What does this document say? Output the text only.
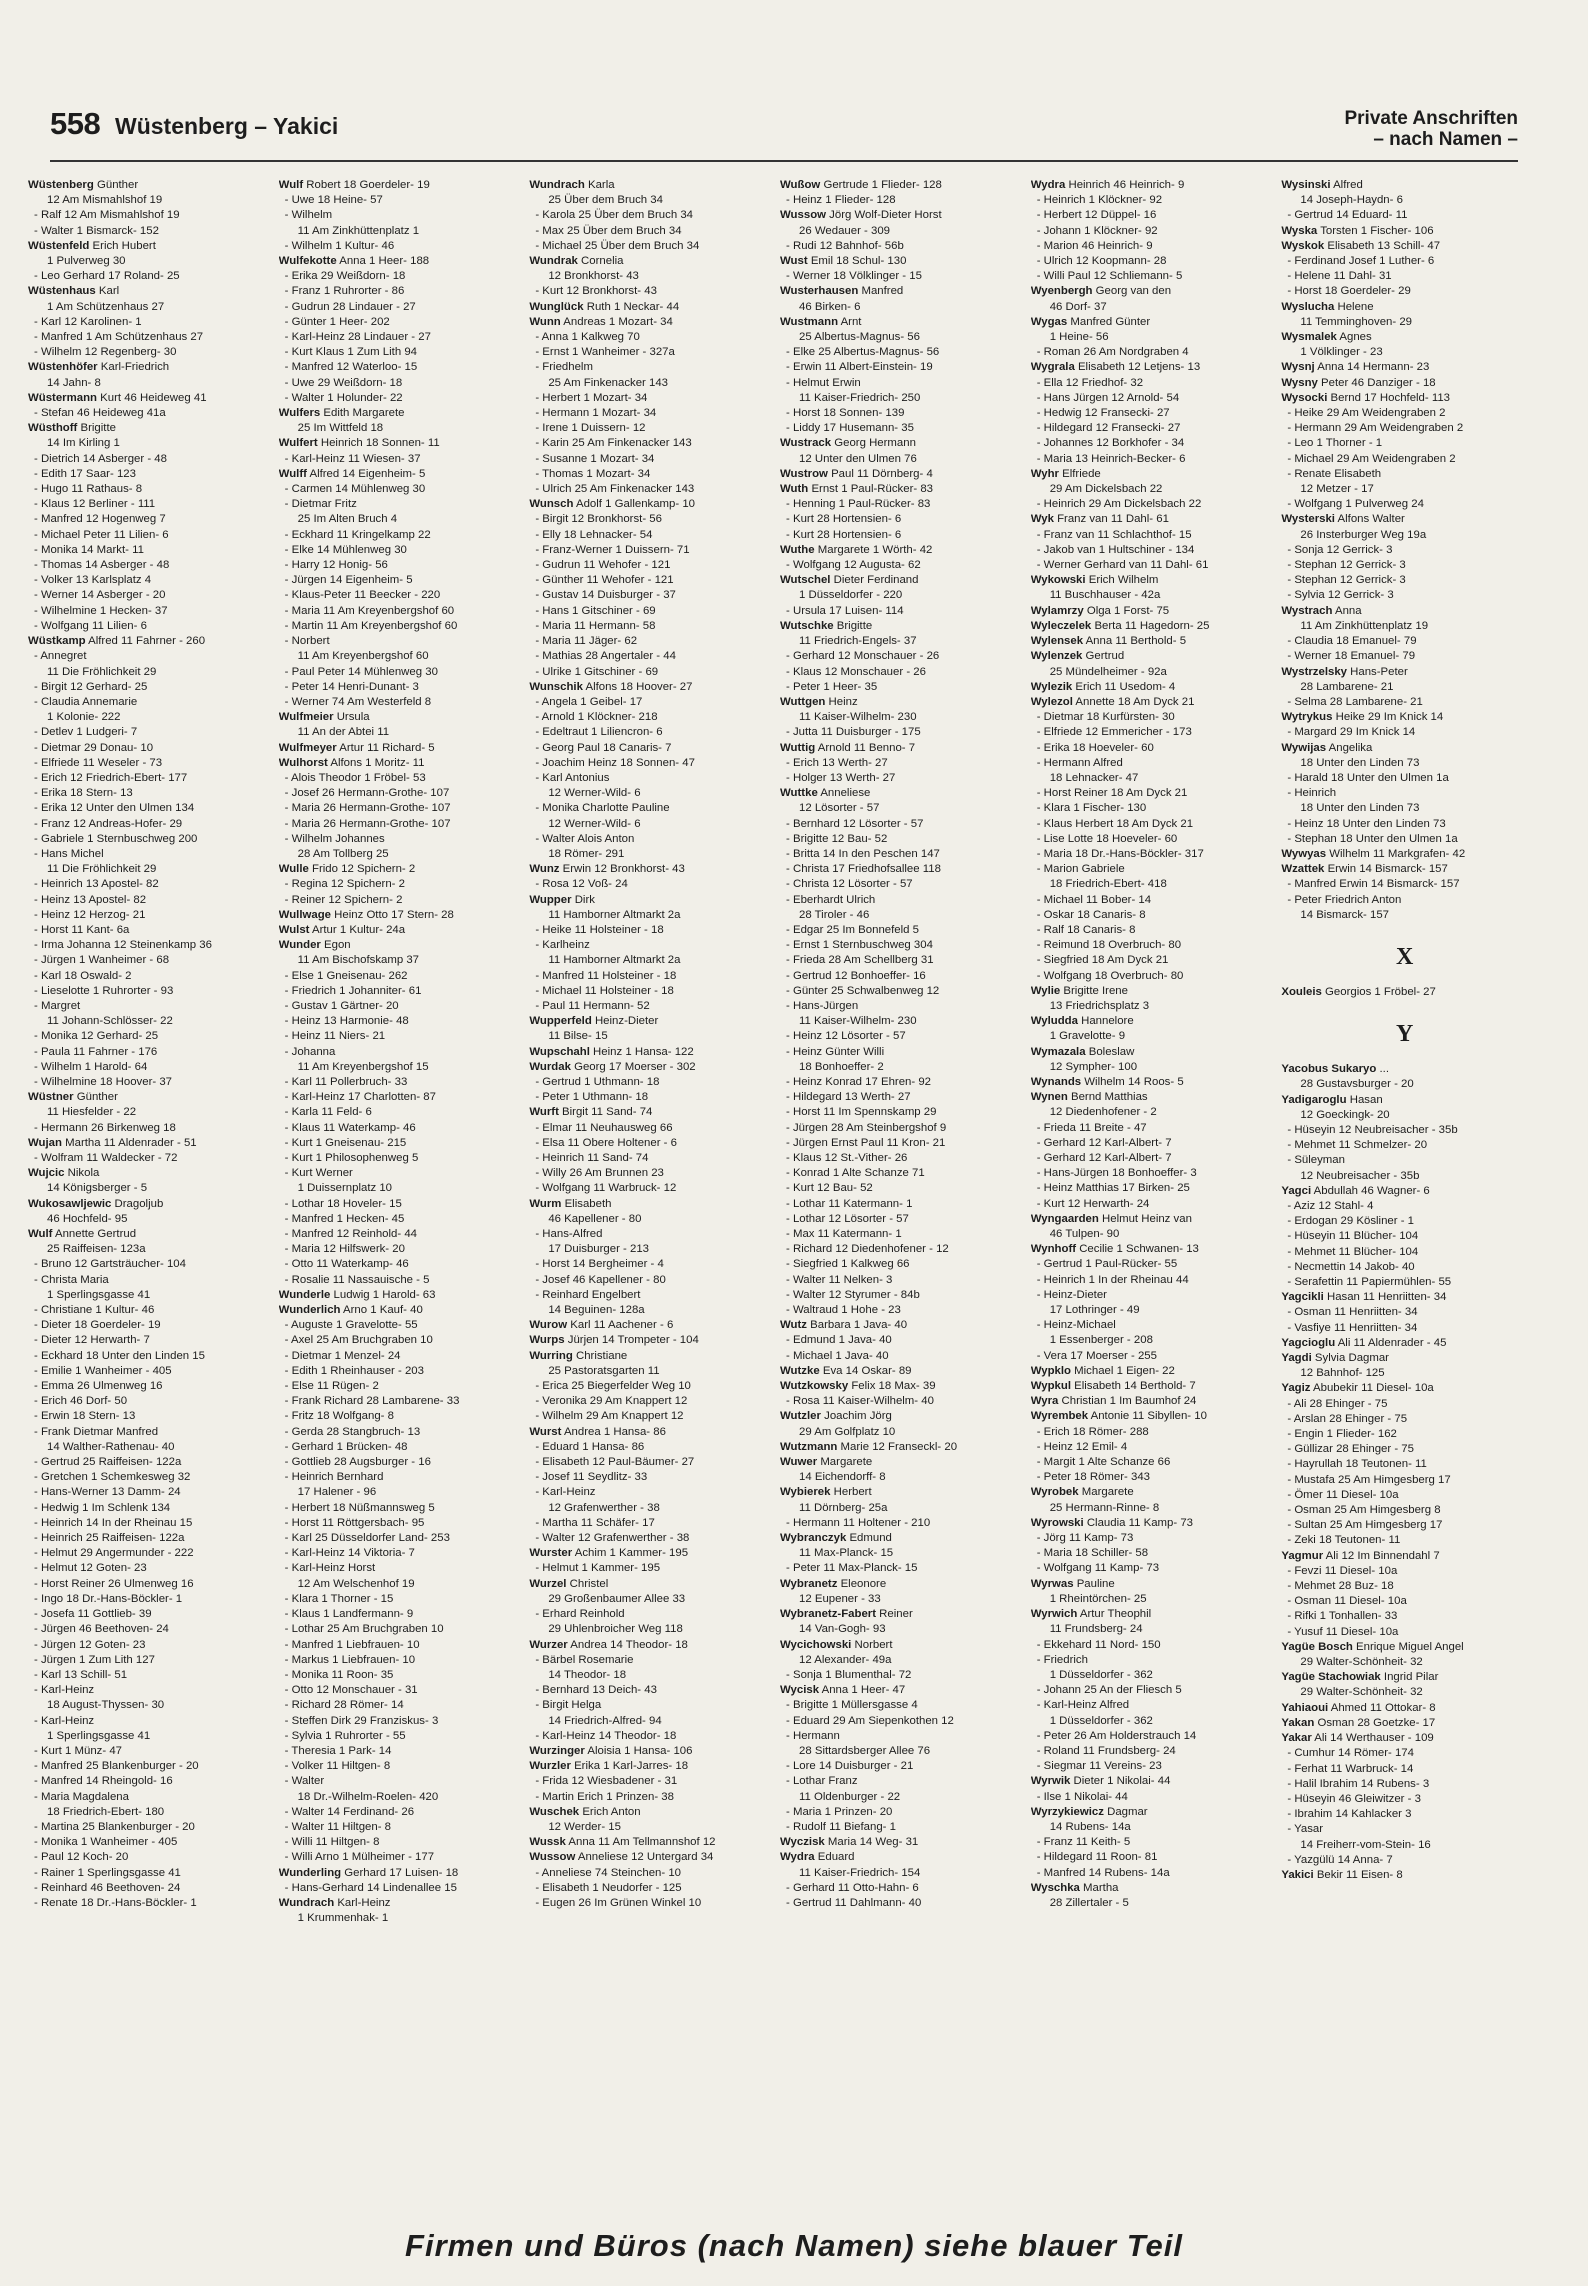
558 Wüstenberg – Yakici	Private Anschriften
– nach Namen –
Wüstenberg Günther
12 Am Mismahlshof 19
- Ralf 12 Am Mismahlshof 19
- Walter 1 Bismarck- 152
Wüstenfeld Erich Hubert
1 Pulverweg 30
- Leo Gerhard 17 Roland- 25
Wüstenhaus Karl
1 Am Schützenhaus 27
- Karl 12 Karolinen- 1
- Manfred 1 Am Schützenhaus 27
- Wilhelm 12 Regenberg- 30
Wüstenhöfer Karl-Friedrich
14 Jahn- 8
Wüstermann Kurt 46 Heideweg 41
- Stefan 46 Heideweg 41a
Wüsthoff Brigitte
14 Im Kirling 1
- Dietrich 14 Asberger - 48
- Edith 17 Saar- 123
- Hugo 11 Rathaus- 8
- Klaus 12 Berliner - 111
- Manfred 12 Hogenweg 7
- Michael Peter 11 Lilien- 6
- Monika 14 Markt- 11
- Thomas 14 Asberger - 48
- Volker 13 Karlsplatz 4
- Werner 14 Asberger - 20
- Wilhelmine 1 Hecken- 37
- Wolfgang 11 Lilien- 6
Wüstkamp Alfred 11 Fahrner - 260
- Annegret
11 Die Fröhlichkeit 29
- Birgit 12 Gerhard- 25
- Claudia Annemarie
1 Kolonie- 222
- Detlev 1 Ludgeri- 7
- Dietmar 29 Donau- 10
- Elfriede 11 Weseler - 73
- Erich 12 Friedrich-Ebert- 177
- Erika 18 Stern- 13
- Erika 12 Unter den Ulmen 134
- Franz 12 Andreas-Hofer- 29
- Gabriele 1 Sternbuschweg 200
- Hans Michel
11 Die Fröhlichkeit 29
- Heinrich 13 Apostel- 82
- Heinz 13 Apostel- 82
- Heinz 12 Herzog- 21
- Horst 11 Kant- 6a
- Irma Johanna 12 Steinenkamp 36
- Jürgen 1 Wanheimer - 68
- Karl 18 Oswald- 2
- Lieselotte 1 Ruhrorter - 93
- Margret
11 Johann-Schlösser- 22
- Monika 12 Gerhard- 25
- Paula 11 Fahrner - 176
- Wilhelm 1 Harold- 64
- Wilhelmine 18 Hoover- 37
Wüstner Günther
11 Hiesfelder - 22
- Hermann 26 Birkenweg 18
Wujan Martha 11 Aldenrader - 51
- Wolfram 11 Waldecker - 72
Wujcic Nikola
14 Königsberger - 5
Wukosawljewic Dragoljub
46 Hochfeld- 95
Wulf Annette Gertrud
25 Raiffeisen- 123a
- Bruno 12 Gartsträucher- 104
- Christa Maria
1 Sperlingsgasse 41
- Christiane 1 Kultur- 46
- Dieter 18 Goerdeler- 19
- Dieter 12 Herwarth- 7
- Eckhard 18 Unter den Linden 15
- Emilie 1 Wanheimer - 405
- Emma 26 Ulmenweg 16
- Erich 46 Dorf- 50
- Erwin 18 Stern- 13
- Frank Dietmar Manfred
14 Walther-Rathenau- 40
- Gertrud 25 Raiffeisen- 122a
- Gretchen 1 Schemkesweg 32
- Hans-Werner 13 Damm- 24
- Hedwig 1 Im Schlenk 134
- Heinrich 14 In der Rheinau 15
- Heinrich 25 Raiffeisen- 122a
- Helmut 29 Angermunder - 222
- Helmut 12 Goten- 23
- Horst Reiner 26 Ulmenweg 16
- Ingo 18 Dr.-Hans-Böckler- 1
- Josefa 11 Gottlieb- 39
- Jürgen 46 Beethoven- 24
- Jürgen 12 Goten- 23
- Jürgen 1 Zum Lith 127
- Karl 13 Schill- 51
- Karl-Heinz
18 August-Thyssen- 30
- Karl-Heinz
1 Sperlingsgasse 41
- Kurt 1 Münz- 47
- Manfred 25 Blankenburger - 20
- Manfred 14 Rheingold- 16
- Maria Magdalena
18 Friedrich-Ebert- 180
- Martina 25 Blankenburger - 20
- Monika 1 Wanheimer - 405
- Paul 12 Koch- 20
- Rainer 1 Sperlingsgasse 41
- Reinhard 46 Beethoven- 24
- Renate 18 Dr.-Hans-Böckler- 1
Wulf Robert 18 Goerdeler- 19
- Uwe 18 Heine- 57
- Wilhelm
11 Am Zinkhüttenplatz 1
- Wilhelm 1 Kultur- 46
Wulfekotte Anna 1 Heer- 188
- Erika 29 Weißdorn- 18
- Franz 1 Ruhrorter - 86
- Gudrun 28 Lindauer - 27
- Günter 1 Heer- 202
- Karl-Heinz 28 Lindauer - 27
- Kurt Klaus 1 Zum Lith 94
- Manfred 12 Waterloo- 15
- Uwe 29 Weißdorn- 18
- Walter 1 Holunder- 22
Wulfers Edith Margarete
25 Im Wittfeld 18
Wulfert Heinrich 18 Sonnen- 11
- Karl-Heinz 11 Wiesen- 37
Wulff Alfred 14 Eigenheim- 5
- Carmen 14 Mühlenweg 30
- Dietmar Fritz
25 Im Alten Bruch 4
- Eckhard 11 Kringelkamp 22
- Elke 14 Mühlenweg 30
- Harry 12 Honig- 56
- Jürgen 14 Eigenheim- 5
- Klaus-Peter 11 Beecker - 220
- Maria 11 Am Kreyenbergshof 60
- Martin 11 Am Kreyenbergshof 60
- Norbert
11 Am Kreyenbergshof 60
- Paul Peter 14 Mühlenweg 30
- Peter 14 Henri-Dunant- 3
- Werner 74 Am Westerfeld 8
Wulfmeier Ursula
11 An der Abtei 11
Wulfmeyer Artur 11 Richard- 5
Wulhorst Alfons 1 Moritz- 11
- Alois Theodor 1 Fröbel- 53
- Josef 26 Hermann-Grothe- 107
- Maria 26 Hermann-Grothe- 107
- Maria 26 Hermann-Grothe- 107
- Wilhelm Johannes
28 Am Tollberg 25
Wulle Frido 12 Spichern- 2
- Regina 12 Spichern- 2
- Reiner 12 Spichern- 2
Wullwage Heinz Otto 17 Stern- 28
Wulst Artur 1 Kultur- 24a
Wunder Egon
11 Am Bischofskamp 37
- Else 1 Gneisenau- 262
- Friedrich 1 Johanniter- 61
- Gustav 1 Gärtner- 20
- Heinz 13 Harmonie- 48
- Heinz 11 Niers- 21
- Johanna
11 Am Kreyenbergshof 15
- Karl 11 Pollerbruch- 33
- Karl-Heinz 17 Charlotten- 87
- Karla 11 Feld- 6
- Klaus 11 Waterkamp- 46
- Kurt 1 Gneisenau- 215
- Kurt 1 Philosophenweg 5
- Kurt Werner
1 Duissernplatz 10
- Lothar 18 Hoveler- 15
- Manfred 1 Hecken- 45
- Manfred 12 Reinhold- 44
- Maria 12 Hilfswerk- 20
- Otto 11 Waterkamp- 46
- Rosalie 11 Nassauische - 5
Wunderle Ludwig 1 Harold- 63
Wunderlich Arno 1 Kauf- 40
- Auguste 1 Gravelotte- 55
- Axel 25 Am Bruchgraben 10
- Dietmar 1 Menzel- 24
- Edith 1 Rheinhauser - 203
- Else 11 Rügen- 2
- Frank Richard 28 Lambarene- 33
- Fritz 18 Wolfgang- 8
- Gerda 28 Stangbruch- 13
- Gerhard 1 Brücken- 48
- Gottlieb 28 Augsburger - 16
- Heinrich Bernhard
17 Halener - 96
- Herbert 18 Nüßmannsweg 5
- Horst 11 Röttgersbach- 95
- Karl 25 Düsseldorfer Land- 253
- Karl-Heinz 14 Viktoria- 7
- Karl-Heinz Horst
12 Am Welschenhof 19
- Klara 1 Thorner - 15
- Klaus 1 Landfermann- 9
- Lothar 25 Am Bruchgraben 10
- Manfred 1 Liebfrauen- 10
- Markus 1 Liebfrauen- 10
- Monika 11 Roon- 35
- Otto 12 Monschauer - 31
- Richard 28 Römer- 14
- Steffen Dirk 29 Franziskus- 3
- Sylvia 1 Ruhrorter - 55
- Theresia 1 Park- 14
- Volker 11 Hiltgen- 8
- Walter
18 Dr.-Wilhelm-Roelen- 420
- Walter 14 Ferdinand- 26
- Walter 11 Hiltgen- 8
- Willi 11 Hiltgen- 8
- Willi Arno 1 Mülheimer - 177
Wunderling Gerhard 17 Luisen- 18
- Hans-Gerhard 14 Lindenallee 15
Wundrach Karl-Heinz
1 Krummenhak- 1
Wundrach Karla
25 Über dem Bruch 34
- Karola 25 Über dem Bruch 34
- Max 25 Über dem Bruch 34
- Michael 25 Über dem Bruch 34
Wundrak Cornelia
12 Bronkhorst- 43
- Kurt 12 Bronkhorst- 43
Wunglück Ruth 1 Neckar- 44
Wunn Andreas 1 Mozart- 34
- Anna 1 Kalkweg 70
- Ernst 1 Wanheimer - 327a
- Friedhelm
25 Am Finkenacker 143
- Herbert 1 Mozart- 34
- Hermann 1 Mozart- 34
- Irene 1 Duissern- 12
- Karin 25 Am Finkenacker 143
- Susanne 1 Mozart- 34
- Thomas 1 Mozart- 34
- Ulrich 25 Am Finkenacker 143
Wunsch Adolf 1 Gallenkamp- 10
- Birgit 12 Bronkhorst- 56
- Elly 18 Lehnacker- 54
- Franz-Werner 1 Duissern- 71
- Gudrun 11 Wehofer - 121
- Günther 11 Wehofer - 121
- Gustav 14 Duisburger - 37
- Hans 1 Gitschiner - 69
- Maria 11 Hermann- 58
- Maria 11 Jäger- 62
- Mathias 28 Angertaler - 44
- Ulrike 1 Gitschiner - 69
Wunschik Alfons 18 Hoover- 27
- Angela 1 Geibel- 17
- Arnold 1 Klöckner- 218
- Edeltraut 1 Liliencron- 6
- Georg Paul 18 Canaris- 7
- Joachim Heinz 18 Sonnen- 47
- Karl Antonius
12 Werner-Wild- 6
- Monika Charlotte Pauline
12 Werner-Wild- 6
- Walter Alois Anton
18 Römer- 291
Wunz Erwin 12 Bronkhorst- 43
- Rosa 12 Voß- 24
Wupper Dirk
11 Hamborner Altmarkt 2a
- Heike 11 Holsteiner - 18
- Karlheinz
11 Hamborner Altmarkt 2a
- Manfred 11 Holsteiner - 18
- Michael 11 Holsteiner - 18
- Paul 11 Hermann- 52
Wupperfeld Heinz-Dieter
11 Bilse- 15
Wupschahl Heinz 1 Hansa- 122
Wurdak Georg 17 Moerser - 302
- Gertrud 1 Uthmann- 18
- Peter 1 Uthmann- 18
Wurft Birgit 11 Sand- 74
- Elmar 11 Neuhausweg 66
- Elsa 11 Obere Holtener - 6
- Heinrich 11 Sand- 74
- Willy 26 Am Brunnen 23
- Wolfgang 11 Warbruck- 12
Wurm Elisabeth
46 Kapellener - 80
- Hans-Alfred
17 Duisburger - 213
- Horst 14 Bergheimer - 4
- Josef 46 Kapellener - 80
- Reinhard Engelbert
14 Beguinen- 128a
Wurow Karl 11 Aachener - 6
Wurps Jürjen 14 Trompeter - 104
Wurring Christiane
25 Pastoratsgarten 11
- Erica 25 Biegerfelder Weg 10
- Veronika 29 Am Knappert 12
- Wilhelm 29 Am Knappert 12
Wurst Andrea 1 Hansa- 86
- Eduard 1 Hansa- 86
- Elisabeth 12 Paul-Bäumer- 27
- Josef 11 Seydlitz- 33
- Karl-Heinz
12 Grafenwerther - 38
- Martha 11 Schäfer- 17
- Walter 12 Grafenwerther - 38
Wurster Achim 1 Kammer- 195
- Helmut 1 Kammer- 195
Wurzel Christel
29 Großenbaumer Allee 33
- Erhard Reinhold
29 Uhlenbroicher Weg 118
Wurzer Andrea 14 Theodor- 18
- Bärbel Rosemarie
14 Theodor- 18
- Bernhard 13 Deich- 43
- Birgit Helga
14 Friedrich-Alfred- 94
- Karl-Heinz 14 Theodor- 18
Wurzinger Aloisia 1 Hansa- 106
Wurzler Erika 1 Karl-Jarres- 18
- Frida 12 Wiesbadener - 31
- Martin Erich 1 Prinzen- 38
Wuschek Erich Anton
12 Werder- 15
Wussk Anna 11 Am Tellmannshof 12
Wussow Anneliese 12 Untergard 34
- Anneliese 74 Steinchen- 10
- Elisabeth 1 Neudorfer - 125
- Eugen 26 Im Grünen Winkel 10
Wußow Gertrude 1 Flieder- 128
- Heinz 1 Flieder- 128
Wussow Jörg Wolf-Dieter Horst
26 Wedauer - 309
- Rudi 12 Bahnhof- 56b
Wust Emil 18 Schul- 130
- Werner 18 Völklinger - 15
Wusterhausen Manfred
46 Birken- 6
Wustmann Arnt
25 Albertus-Magnus- 56
- Elke 25 Albertus-Magnus- 56
- Erwin 11 Albert-Einstein- 19
- Helmut Erwin
11 Kaiser-Friedrich- 250
- Horst 18 Sonnen- 139
- Liddy 17 Husemann- 35
Wustrack Georg Hermann
12 Unter den Ulmen 76
Wustrow Paul 11 Dörnberg- 4
Wuth Ernst 1 Paul-Rücker- 83
- Henning 1 Paul-Rücker- 83
- Kurt 28 Hortensien- 6
- Kurt 28 Hortensien- 6
Wuthe Margarete 1 Wörth- 42
- Wolfgang 12 Augusta- 62
Wutschel Dieter Ferdinand
1 Düsseldorfer - 220
- Ursula 17 Luisen- 114
Wutschke Brigitte
11 Friedrich-Engels- 37
- Gerhard 12 Monschauer - 26
- Klaus 12 Monschauer - 26
- Peter 1 Heer- 35
Wuttgen Heinz
11 Kaiser-Wilhelm- 230
- Jutta 11 Duisburger - 175
Wuttig Arnold 11 Benno- 7
- Erich 13 Werth- 27
- Holger 13 Werth- 27
Wuttke Anneliese
12 Lösorter - 57
- Bernhard 12 Lösorter - 57
- Brigitte 12 Bau- 52
- Britta 14 In den Peschen 147
- Christa 17 Friedhofsallee 118
- Christa 12 Lösorter - 57
- Eberhardt Ulrich
28 Tiroler - 46
- Edgar 25 Im Bonnefeld 5
- Ernst 1 Sternbuschweg 304
- Frieda 28 Am Schellberg 31
- Gertrud 12 Bonhoeffer- 16
- Günter 25 Schwalbenweg 12
- Hans-Jürgen
11 Kaiser-Wilhelm- 230
- Heinz 12 Lösorter - 57
- Heinz Günter Willi
18 Bonhoeffer- 2
- Heinz Konrad 17 Ehren- 92
- Hildegard 13 Werth- 27
- Horst 11 Im Spennskamp 29
- Jürgen 28 Am Steinbergshof 9
- Jürgen Ernst Paul 11 Kron- 21
- Klaus 12 St.-Vither- 26
- Konrad 1 Alte Schanze 71
- Kurt 12 Bau- 52
- Lothar 11 Katermann- 1
- Lothar 12 Lösorter - 57
- Max 11 Katermann- 1
- Richard 12 Diedenhofener - 12
- Siegfried 1 Kalkweg 66
- Walter 11 Nelken- 3
- Walter 12 Styrumer - 84b
- Waltraud 1 Hohe - 23
Wutz Barbara 1 Java- 40
- Edmund 1 Java- 40
- Michael 1 Java- 40
Wutzke Eva 14 Oskar- 89
Wutzkowsky Felix 18 Max- 39
- Rosa 11 Kaiser-Wilhelm- 40
Wutzler Joachim Jörg
29 Am Golfplatz 10
Wutzmann Marie 12 Franseckl- 20
Wuwer Margarete
14 Eichendorff- 8
Wybierek Herbert
11 Dörnberg- 25a
- Hermann 11 Holtener - 210
Wybranczyk Edmund
11 Max-Planck- 15
- Peter 11 Max-Planck- 15
Wybranetz Eleonore
12 Eupener - 33
Wybranetz-Fabert Reiner
14 Van-Gogh- 93
Wycichowski Norbert
12 Alexander- 49a
- Sonja 1 Blumenthal- 72
Wycisk Anna 1 Heer- 47
- Brigitte 1 Müllersgasse 4
- Eduard 29 Am Siepenkothen 12
- Hermann
28 Sittardsberger Allee 76
- Lore 14 Duisburger - 21
- Lothar Franz
11 Oldenburger - 22
- Maria 1 Prinzen- 20
- Rudolf 11 Biefang- 1
Wyczisk Maria 14 Weg- 31
Wydra Eduard
11 Kaiser-Friedrich- 154
- Gerhard 11 Otto-Hahn- 6
- Gertrud 11 Dahlmann- 40
Wydra Heinrich 46 Heinrich- 9
- Heinrich 1 Klöckner- 92
- Herbert 12 Düppel- 16
- Johann 1 Klöckner- 92
- Marion 46 Heinrich- 9
- Ulrich 12 Koopmann- 28
- Willi Paul 12 Schliemann- 5
Wyenbergh Georg van den
46 Dorf- 37
Wygas Manfred Günter
1 Heine- 56
- Roman 26 Am Nordgraben 4
Wygrala Elisabeth 12 Letjens- 13
- Ella 12 Friedhof- 32
- Hans Jürgen 12 Arnold- 54
- Hedwig 12 Fransecki- 27
- Hildegard 12 Fransecki- 27
- Johannes 12 Borkhofer - 34
- Maria 13 Heinrich-Becker- 6
Wyhr Elfriede
29 Am Dickelsbach 22
- Heinrich 29 Am Dickelsbach 22
Wyk Franz van 11 Dahl- 61
- Franz van 11 Schlachthof- 15
- Jakob van 1 Hultschiner - 134
- Werner Gerhard van 11 Dahl- 61
Wykowski Erich Wilhelm
11 Buschhauser - 42a
Wylamrzy Olga 1 Forst- 75
Wyleczelek Berta 11 Hagedorn- 25
Wylensek Anna 11 Berthold- 5
Wylenzek Gertrud
25 Mündelheimer - 92a
Wylezik Erich 11 Usedom- 4
Wylezol Annette 18 Am Dyck 21
- Dietmar 18 Kurfürsten- 30
- Elfriede 12 Emmericher - 173
- Erika 18 Hoeveler- 60
- Hermann Alfred
18 Lehnacker- 47
- Horst Reiner 18 Am Dyck 21
- Klara 1 Fischer- 130
- Klaus Herbert 18 Am Dyck 21
- Lise Lotte 18 Hoeveler- 60
- Maria 18 Dr.-Hans-Böckler- 317
- Marion Gabriele
18 Friedrich-Ebert- 418
- Michael 11 Bober- 14
- Oskar 18 Canaris- 8
- Ralf 18 Canaris- 8
- Reimund 18 Overbruch- 80
- Siegfried 18 Am Dyck 21
- Wolfgang 18 Overbruch- 80
Wylie Brigitte Irene
13 Friedrichsplatz 3
Wyludda Hannelore
1 Gravelotte- 9
Wymazala Boleslaw
12 Sympher- 100
Wynands Wilhelm 14 Roos- 5
Wynen Bernd Matthias
12 Diedenhofener - 2
- Frieda 11 Breite - 47
- Gerhard 12 Karl-Albert- 7
- Gerhard 12 Karl-Albert- 7
- Hans-Jürgen 18 Bonhoeffer- 3
- Heinz Matthias 17 Birken- 25
- Kurt 12 Herwarth- 24
Wyngaarden Helmut Heinz van
46 Tulpen- 90
Wynhoff Cecilie 1 Schwanen- 13
- Gertrud 1 Paul-Rücker- 55
- Heinrich 1 In der Rheinau 44
- Heinz-Dieter
17 Lothringer - 49
- Heinz-Michael
1 Essenberger - 208
- Vera 17 Moerser - 255
Wypklo Michael 1 Eigen- 22
Wypkul Elisabeth 14 Berthold- 7
Wyra Christian 1 Im Baumhof 24
Wyrembek Antonie 11 Sibyllen- 10
- Erich 18 Römer- 288
- Heinz 12 Emil- 4
- Margit 1 Alte Schanze 66
- Peter 18 Römer- 343
Wyrobek Margarete
25 Hermann-Rinne- 8
Wyrowski Claudia 11 Kamp- 73
- Jörg 11 Kamp- 73
- Maria 18 Schiller- 58
- Wolfgang 11 Kamp- 73
Wyrwas Pauline
1 Rheintörchen- 25
Wyrwich Artur Theophil
11 Frundsberg- 24
- Ekkehard 11 Nord- 150
- Friedrich
1 Düsseldorfer - 362
- Johann 25 An der Fliesch 5
- Karl-Heinz Alfred
1 Düsseldorfer - 362
- Peter 26 Am Holderstrauch 14
- Roland 11 Frundsberg- 24
- Siegmar 11 Vereins- 23
Wyrwik Dieter 1 Nikolai- 44
- Ilse 1 Nikolai- 44
Wyrzykiewicz Dagmar
14 Rubens- 14a
- Franz 11 Keith- 5
- Hildegard 11 Roon- 81
- Manfred 14 Rubens- 14a
Wyschka Martha
28 Zillertaler - 5
Wysinski Alfred
14 Joseph-Haydn- 6
- Gertrud 14 Eduard- 11
Wyska Torsten 1 Fischer- 106
Wyskok Elisabeth 13 Schill- 47
- Ferdinand Josef 1 Luther- 6
- Helene 11 Dahl- 31
- Horst 18 Goerdeler- 29
Wyslucha Helene
11 Temminghoven- 29
Wysmalek Agnes
1 Völklinger - 23
Wysnj Anna 14 Hermann- 23
Wysny Peter 46 Danziger - 18
Wysocki Bernd 17 Hochfeld- 113
- Heike 29 Am Weidengraben 2
- Hermann 29 Am Weidengraben 2
- Leo 1 Thorner - 1
- Michael 29 Am Weidengraben 2
- Renate Elisabeth
12 Metzer - 17
- Wolfgang 1 Pulverweg 24
Wysterski Alfons Walter
26 Insterburger Weg 19a
- Sonja 12 Gerrick- 3
- Stephan 12 Gerrick- 3
- Stephan 12 Gerrick- 3
- Sylvia 12 Gerrick- 3
Wystrach Anna
11 Am Zinkhüttenplatz 19
- Claudia 18 Emanuel- 79
- Werner 18 Emanuel- 79
Wystrzelsky Hans-Peter
28 Lambarene- 21
- Selma 28 Lambarene- 21
Wytrykus Heike 29 Im Knick 14
- Margard 29 Im Knick 14
Wywijas Angelika
18 Unter den Linden 73
- Harald 18 Unter den Ulmen 1a
- Heinrich
18 Unter den Linden 73
- Heinz 18 Unter den Linden 73
- Stephan 18 Unter den Ulmen 1a
Wywyas Wilhelm 11 Markgrafen- 42
Wzattek Erwin 14 Bismarck- 157
- Manfred Erwin 14 Bismarck- 157
- Peter Friedrich Anton
14 Bismarck- 157
X
Xouleis Georgios 1 Fröbel- 27
Y
Yacobus Sukaryo ...
28 Gustavsburger - 20
Yadigaroglu Hasan
12 Goeckingk- 20
- Hüseyin 12 Neubreisacher - 35b
- Mehmet 11 Schmelzer- 20
- Süleyman
12 Neubreisacher - 35b
Yagci Abdullah 46 Wagner- 6
- Aziz 12 Stahl- 4
- Erdogan 29 Kösliner - 1
- Hüseyin 11 Blücher- 104
- Mehmet 11 Blücher- 104
- Necmettin 14 Jakob- 40
- Serafettin 11 Papiermühlen- 55
Yagcikli Hasan 11 Henriitten- 34
- Osman 11 Henriitten- 34
- Vasfiye 11 Henriitten- 34
Yagcioglu Ali 11 Aldenrader - 45
Yagdi Sylvia Dagmar
12 Bahnhof- 125
Yagiz Abubekir 11 Diesel- 10a
- Ali 28 Ehinger - 75
- Arslan 28 Ehinger - 75
- Engin 1 Flieder- 162
- Güllizar 28 Ehinger - 75
- Hayrullah 18 Teutonen- 11
- Mustafa 25 Am Himgesberg 17
- Ömer 11 Diesel- 10a
- Osman 25 Am Himgesberg 8
- Sultan 25 Am Himgesberg 17
- Zeki 18 Teutonen- 11
Yagmur Ali 12 Im Binnendahl 7
- Fevzi 11 Diesel- 10a
- Mehmet 28 Buz- 18
- Osman 11 Diesel- 10a
- Rifki 1 Tonhallen- 33
- Yusuf 11 Diesel- 10a
Yagüe Bosch Enrique Miguel Angel
29 Walter-Schönheit- 32
Yagüe Stachowiak Ingrid Pilar
29 Walter-Schönheit- 32
Yahiaoui Ahmed 11 Ottokar- 8
Yakan Osman 28 Goetzke- 17
Yakar Ali 14 Werthauser - 109
- Cumhur 14 Römer- 174
- Ferhat 11 Warbruck- 14
- Halil Ibrahim 14 Rubens- 3
- Hüseyin 46 Gleiwitzer - 3
- Ibrahim 14 Kahlacker 3
- Yasar
14 Freiherr-vom-Stein- 16
- Yazgülü 14 Anna- 7
Yakici Bekir 11 Eisen- 8
Firmen und Büros (nach Namen) siehe blauer Teil
